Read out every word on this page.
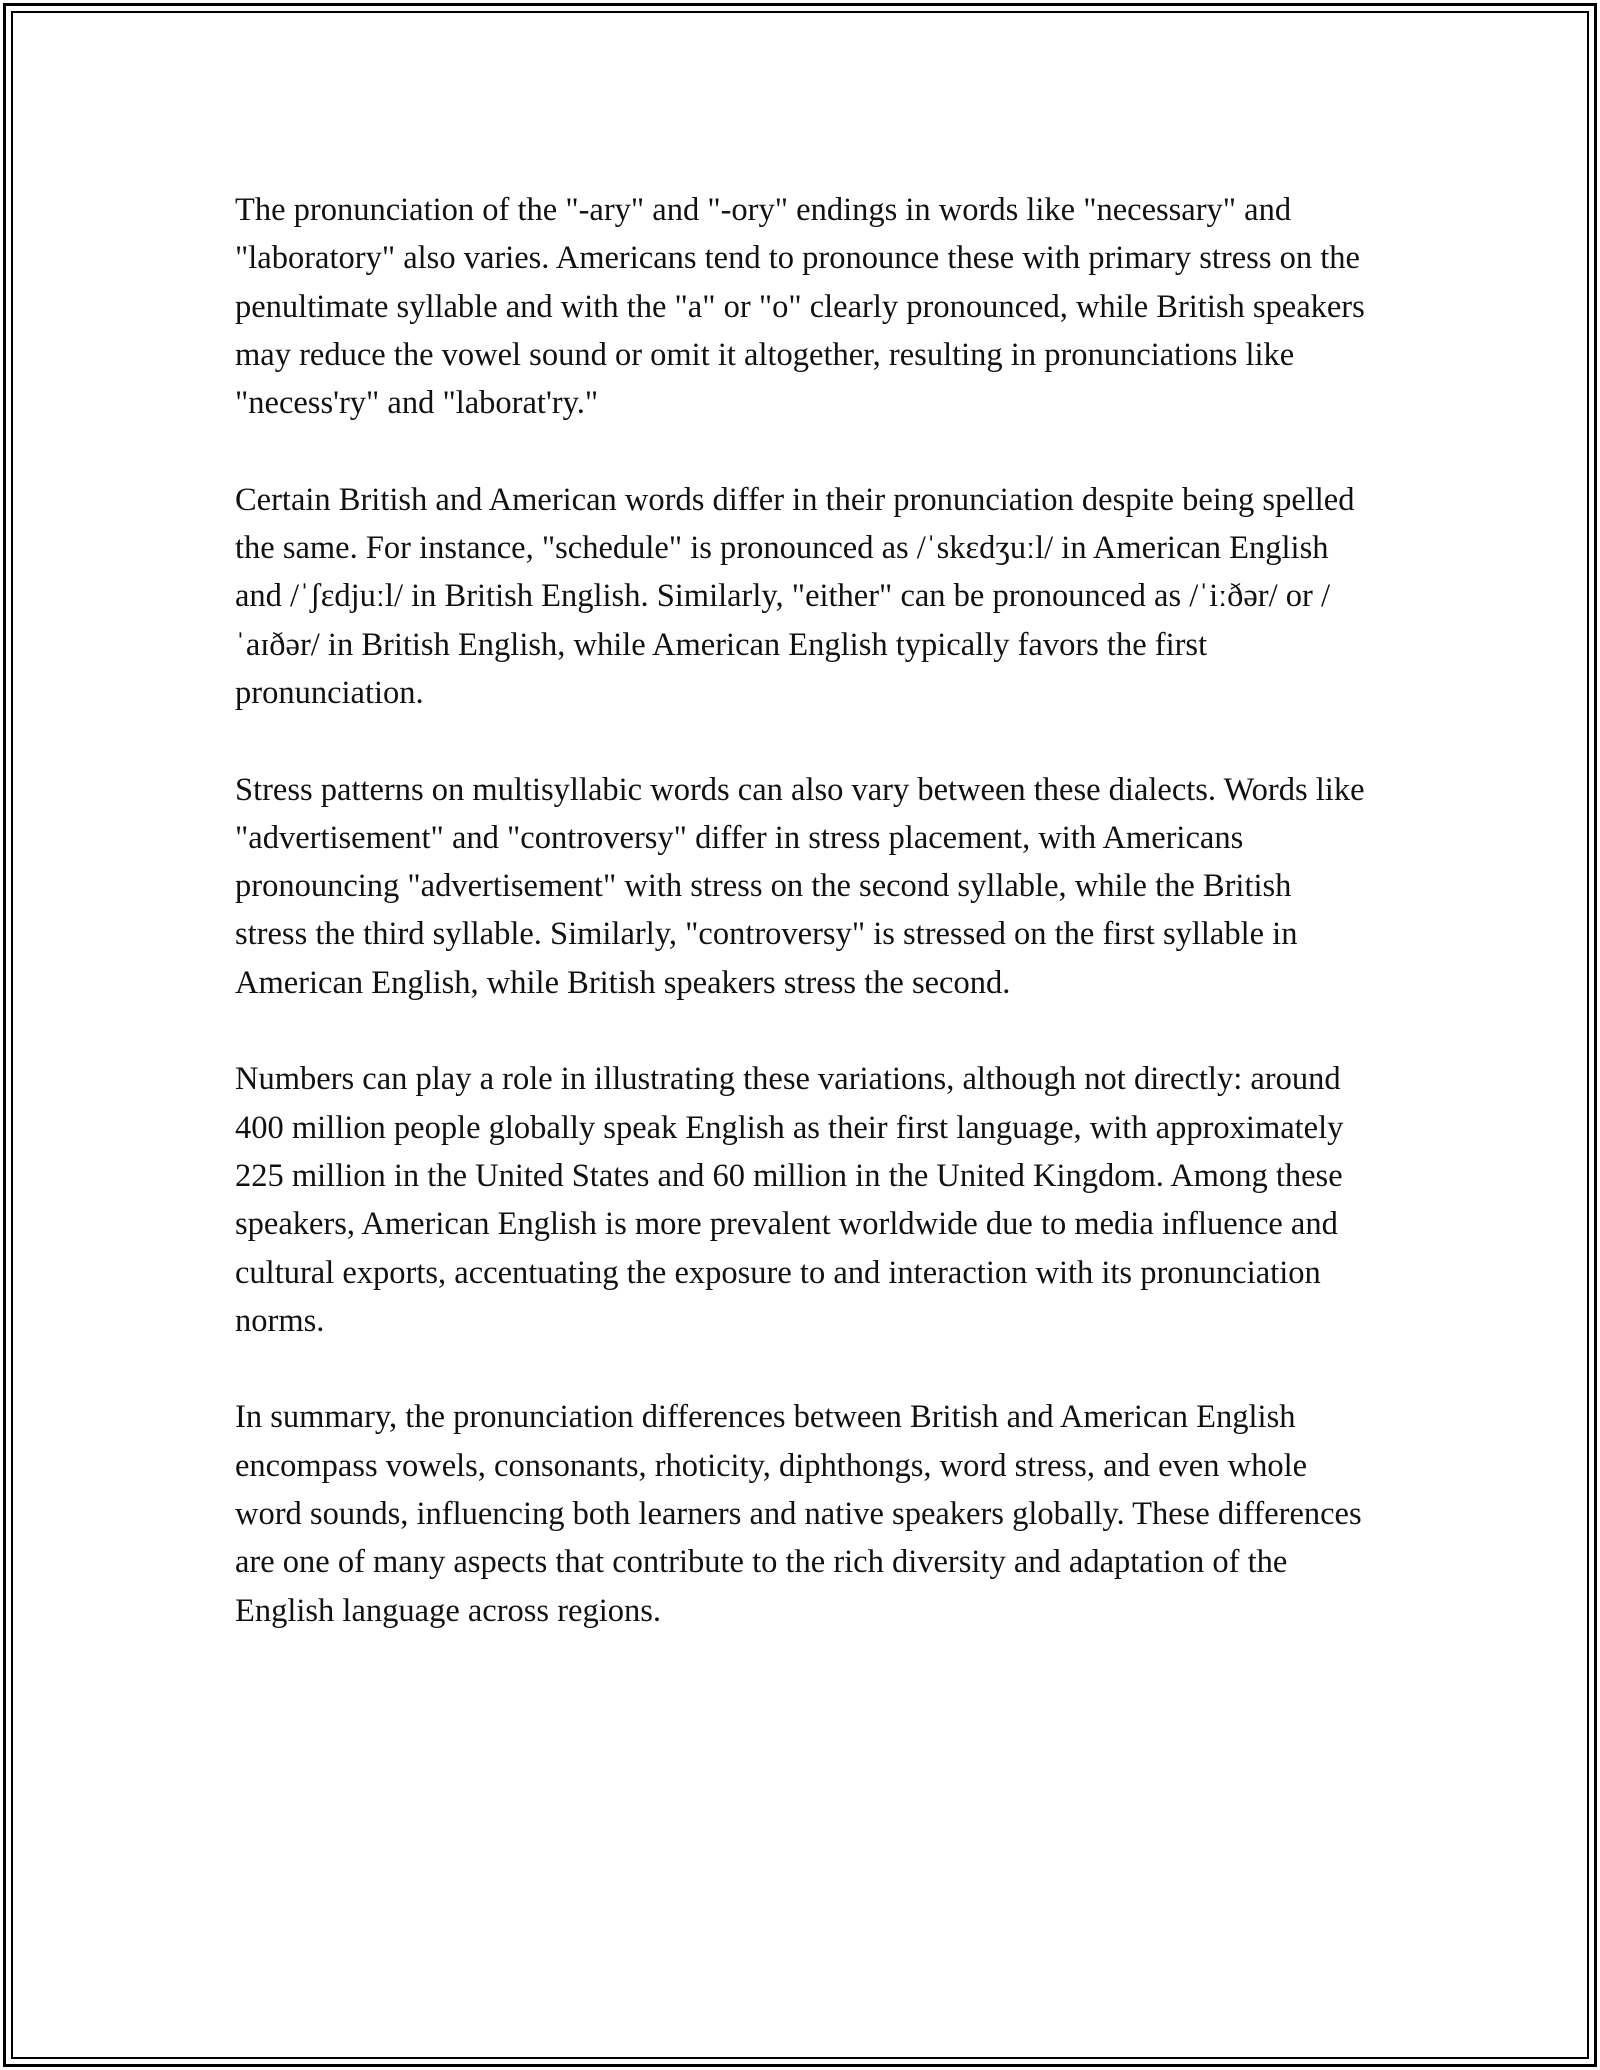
The pronunciation of the "-ary" and "-ory" endings in words like "necessary" and "laboratory" also varies. Americans tend to pronounce these with primary stress on the penultimate syllable and with the "a" or "o" clearly pronounced, while British speakers may reduce the vowel sound or omit it altogether, resulting in pronunciations like "necess'ry" and "laborat'ry."

Certain British and American words differ in their pronunciation despite being spelled the same. For instance, "schedule" is pronounced as /ˈskɛdʒuːl/ in American English and /ˈʃɛdjuːl/ in British English. Similarly, "either" can be pronounced as /ˈiːðər/ or /ˈaɪðər/ in British English, while American English typically favors the first pronunciation.

Stress patterns on multisyllabic words can also vary between these dialects. Words like "advertisement" and "controversy" differ in stress placement, with Americans pronouncing "advertisement" with stress on the second syllable, while the British stress the third syllable. Similarly, "controversy" is stressed on the first syllable in American English, while British speakers stress the second.

Numbers can play a role in illustrating these variations, although not directly: around 400 million people globally speak English as their first language, with approximately 225 million in the United States and 60 million in the United Kingdom. Among these speakers, American English is more prevalent worldwide due to media influence and cultural exports, accentuating the exposure to and interaction with its pronunciation norms.

In summary, the pronunciation differences between British and American English encompass vowels, consonants, rhoticity, diphthongs, word stress, and even whole word sounds, influencing both learners and native speakers globally. These differences are one of many aspects that contribute to the rich diversity and adaptation of the English language across regions.
